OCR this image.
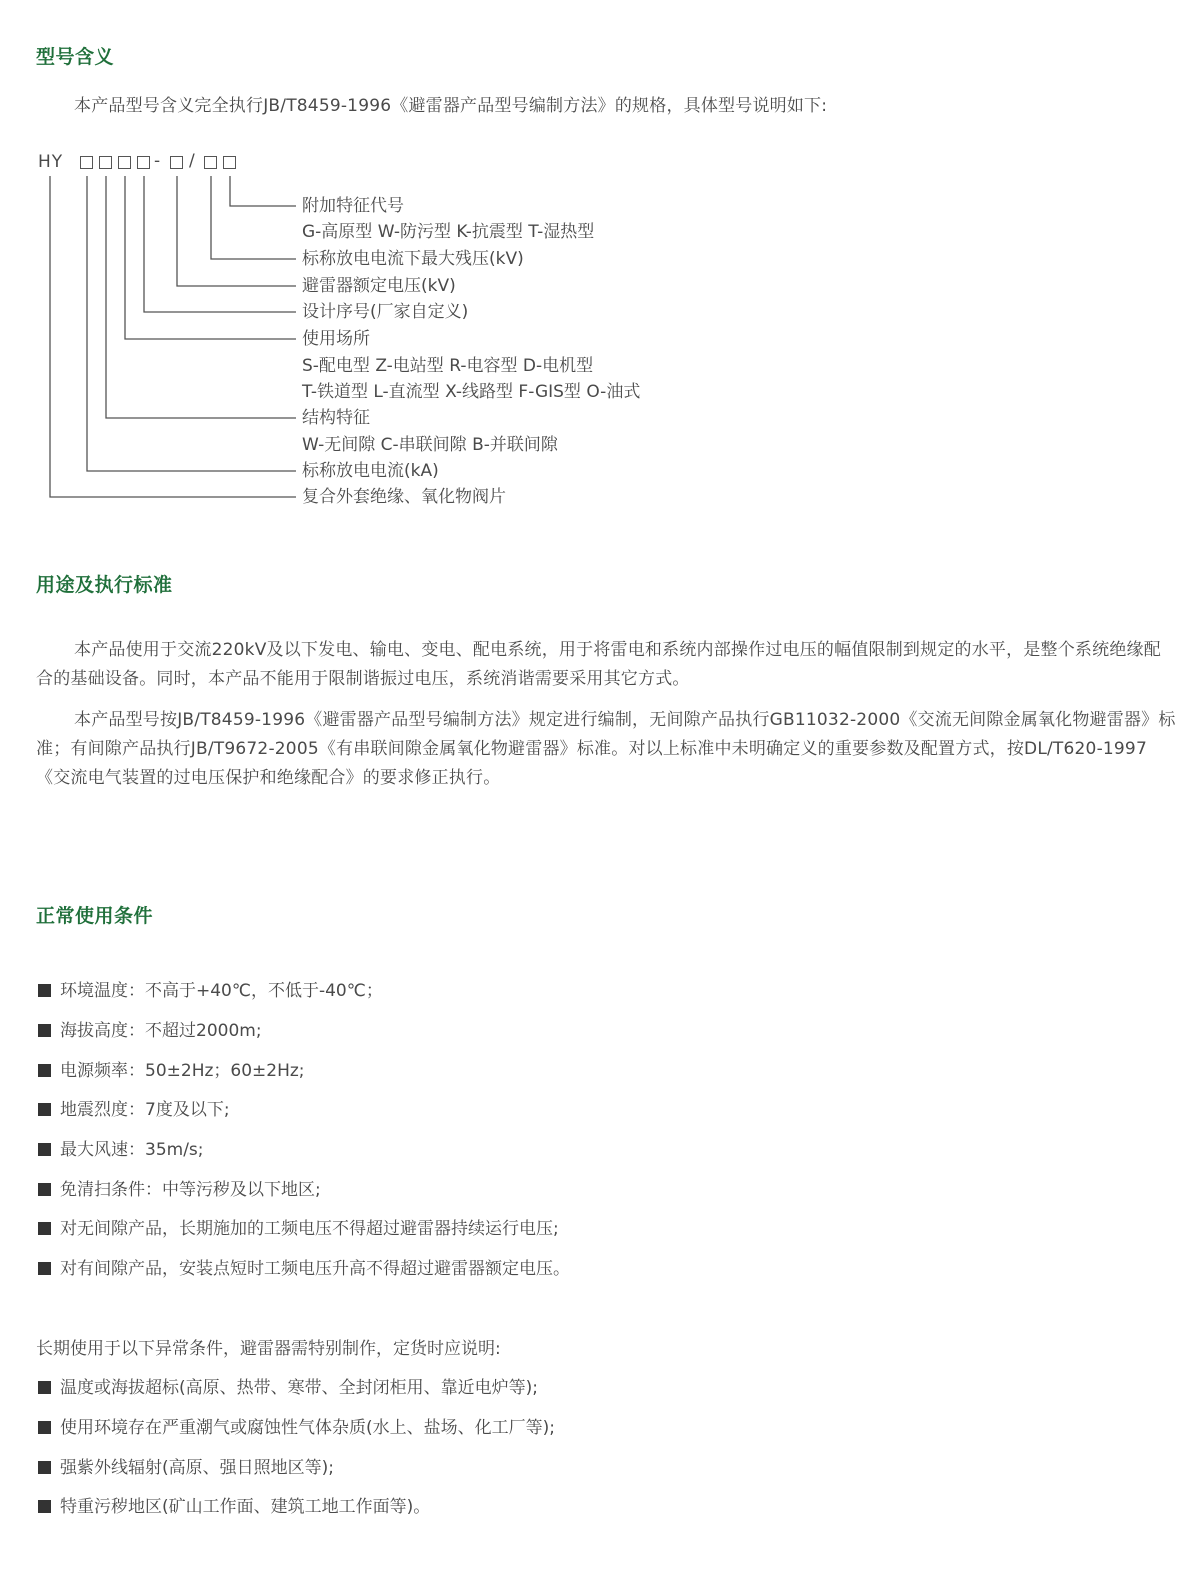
型号含义

本产品型号含义完全执行JB/T8459-1996《避雷器产品型号编制方法》的规格，具体型号说明如下:

HY	- /
附加特征代号
G-高原型 W-防污型 K-抗震型 T-湿热型
标称放电电流下最大残压(kV)
避雷器额定电压(kV)
设计序号(厂家自定义)
使用场所
S-配电型 Z-电站型 R-电容型 D-电机型
T-铁道型 L-直流型 X-线路型 F-GIS型 O-油式
结构特征
W-无间隙 C-串联间隙 B-并联间隙
标称放电电流(kA)
复合外套绝缘、氧化物阀片
用途及执行标准

本产品使用于交流220kV及以下发电、输电、变电、配电系统，用于将雷电和系统内部操作过电压的幅值限制到规定的水平，是整个系统绝缘配合的基础设备。同时，本产品不能用于限制谐振过电压，系统消谐需要采用其它方式。

本产品型号按JB/T8459-1996《避雷器产品型号编制方法》规定进行编制，无间隙产品执行GB11032-2000《交流无间隙金属氧化物避雷器》标准；有间隙产品执行JB/T9672-2005《有串联间隙金属氧化物避雷器》标准。对以上标准中未明确定义的重要参数及配置方式，按DL/T620-1997《交流电气装置的过电压保护和绝缘配合》的要求修正执行。

正常使用条件
环境温度：不高于+40℃，不低于-40℃；
海拔高度：不超过2000m;
电源频率：50±2Hz；60±2Hz;
地震烈度：7度及以下;
最大风速：35m/s;
免清扫条件：中等污秽及以下地区;
对无间隙产品，长期施加的工频电压不得超过避雷器持续运行电压;
对有间隙产品，安装点短时工频电压升高不得超过避雷器额定电压。
长期使用于以下异常条件，避雷器需特别制作，定货时应说明:
温度或海拔超标(高原、热带、寒带、全封闭柜用、靠近电炉等);
使用环境存在严重潮气或腐蚀性气体杂质(水上、盐场、化工厂等);
强紫外线辐射(高原、强日照地区等);
特重污秽地区(矿山工作面、建筑工地工作面等)。
